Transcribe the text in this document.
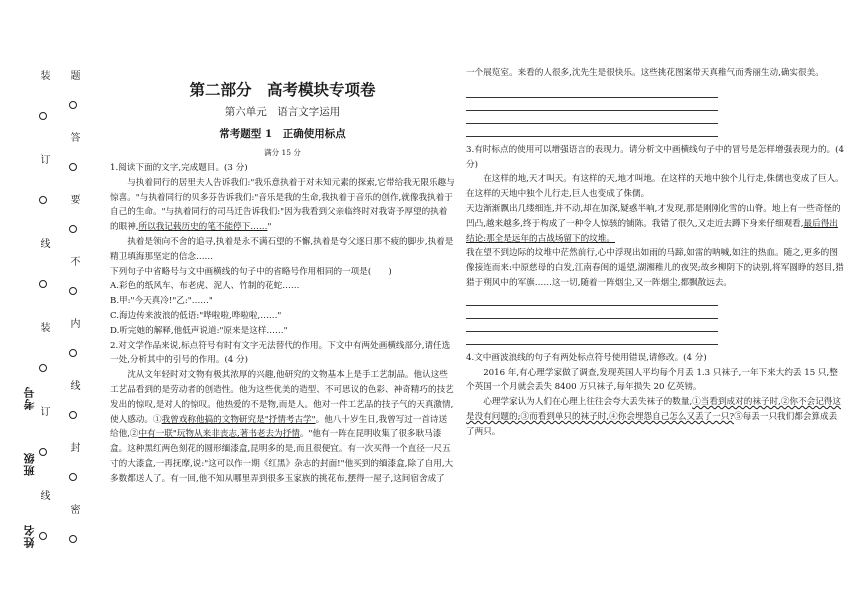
装
订
线
装
订
线
题
答
要
不
内
线
封
密
考号
班级
姓名
第二部分　高考模块专项卷
第六单元　语言文字运用
常考题型 1　正确使用标点
满分 15 分

1.阅读下面的文字,完成题目。(3 分)

与执着同行的居里夫人告诉我们:"我乐意执着于对未知元素的探索,它带给我无限乐趣与惊喜。"与执着同行的贝多芬告诉我们:"音乐是我的生命,我执着于音乐的创作,就像我执着于自己的生命。"与执着同行的司马迁告诉我们:"因为我看到父亲临终时对我寄予厚望的执着的眼神,所以我记载历史的笔不能停下……"

执着是领向不舍的追寻,执着是永不满石望的不懈,执着是夸父逐日那不疲的脚步,执着是精卫填海那坚定的信念……

下列句子中省略号与文中画横线的句子中的省略号作用相同的一项是(　　)

A.彩色的纸风车、布老虎、泥人、竹制的花蛇……

B.甲:"今天真冷!"乙:"……"

C.海边传来波浪的低语:"哗啦啦,哗啦啦,……"

D.听完她的解释,他低声说道:"原来是这样……"

2.对文学作品来说,标点符号有时有文字无法替代的作用。下文中有两处画横线部分,请任选一处,分析其中的引号的作用。(4 分)

沈从文年轻时对文物有极其浓厚的兴趣,他研究的文物基本上是手工艺制品。他认这些工艺品看到的是劳动者的创造性。他为这些优美的造型、不可思议的色彩、神奇精巧的技艺发出的惊叹,是对人的惊叹。他热爱的不是物,而是人。他对一件工艺品的技子气的天真激情,使人感动。①我曾戏称他搞的文物研究是"抒情考古学"。他八十岁生日,我曾写过一首诗送给他,②中有一联"玩物从来非丧志,著书老去为抒情。"他有一阵在昆明收集了很多耿马漆盒。这种黑红两色刻花的圆形缅漆盒,昆明多的是,而且很便宜。有一次买得一个直径一尺五寸的大漆盒,一再抚摩,说:"这可以作一期《红黑》杂志的封面!"他买到的缅漆盒,除了自用,大多数都送人了。有一回,他不知从哪里弄到很多玉家族的挑花布,摆得一屋子,这间宿舍成了

一个展览室。来看的人很多,沈先生是很快乐。这些挑花图案带天真稚气而秀丽生动,确实很美。

3.有时标点的使用可以增强语言的表现力。请分析文中画横线句子中的冒号是怎样增强表现力的。(4 分)

在这样的地,天才叫天。有这样的天,地才叫地。在这样的天地中独个儿行走,侏儒也变成了巨人。在这样的天地中独个儿行走,巨人也变成了侏儒。

天边渐渐飘出几缕细连,并不动,却在加深,疑惑半响,才发现,那是刚刚化雪的山脊。地上有一些奇怪的凹凸,越来越多,终于构成了一种令人惊骇的铺陈。我错了很久,又走近去蹲下身来仔细观看,最后得出结论:那全是远年的古战场留下的坟堆。

我在望不到边际的坟堆中茫然前行,心中浮现出如雨的马蹄,如雷的呐喊,如注的热血。随之,更多的图像接连而来:中原慈母的白发,江南春闺的遥望,湖湘稚儿的夜哭;故乡柳阴下的诀别,将军圆睁的怒目,猎猎于朔风中的军旗……这一切,随着一阵烟尘,又一阵烟尘,都飘散远去。

4.文中画波浪线的句子有两处标点符号使用错误,请修改。(4 分)

2016 年,有心理学家做了调查,发现英国人平均每个月丢 1.3 只袜子,一年下来大约丢 15 只,整个英国一个月就会丢失 8400 万只袜子,每年损失 20 亿英镑。

心理学家认为人们在心理上往往会夸大丢失袜子的数量,①当看到成对的袜子时,②你不会记得这是没有问题的;③而看到单只的袜子时,④你会埋怨自己怎么又丢了一只?⑤每丢一只我们都会算成丢了两只。
